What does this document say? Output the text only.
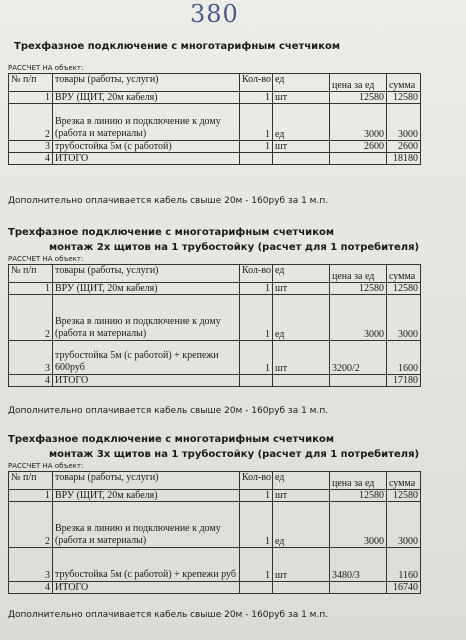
380
Трехфазное подключение с многотарифным счетчиком
РАССЧЕТ НА объект:
№ п/п	товары (работы, услуги)	Кол-во	ед	цена за ед	сумма
1	ВРУ (ЩИТ, 20м кабеля)	1	шт	12580	12580
2	Врезка в линию и подключение к дому (работа и материалы)	1	ед	3000	3000
3	трубостойка 5м (с работой)	1	шт	2600	2600
4	ИТОГО				18180
Дополнительно оплачивается кабель свыше 20м - 160руб за 1 м.п.
Трехфазное подключение с многотарифным счетчиком
монтаж 2х щитов на 1 трубостойку (расчет для 1 потребителя)
РАССЧЕТ НА объект:
№ п/п	товары (работы, услуги)	Кол-во	ед	цена за ед	сумма
1	ВРУ (ЩИТ, 20м кабеля)	1	шт	12580	12580
2	Врезка в линию и подключение к дому (работа и материалы)	1	ед	3000	3000
3	трубостойка 5м (с работой) + крепежи 600руб	1	шт	3200/2	1600
4	ИТОГО				17180
Дополнительно оплачивается кабель свыше 20м - 160руб за 1 м.п.
Трехфазное подключение с многотарифным счетчиком
монтаж 3х щитов на 1 трубостойку (расчет для 1 потребителя)
РАССЧЕТ НА объект:
№ п/п	товары (работы, услуги)	Кол-во	ед	цена за ед	сумма
1	ВРУ (ЩИТ, 20м кабеля)	1	шт	12580	12580
2	Врезка в линию и подключение к дому (работа и материалы)	1	ед	3000	3000
3	трубостойка 5м (с работой) + крепежи руб	1	шт	3480/3	1160
4	ИТОГО				16740
Дополнительно оплачивается кабель свыше 20м - 160руб за 1 м.п.
